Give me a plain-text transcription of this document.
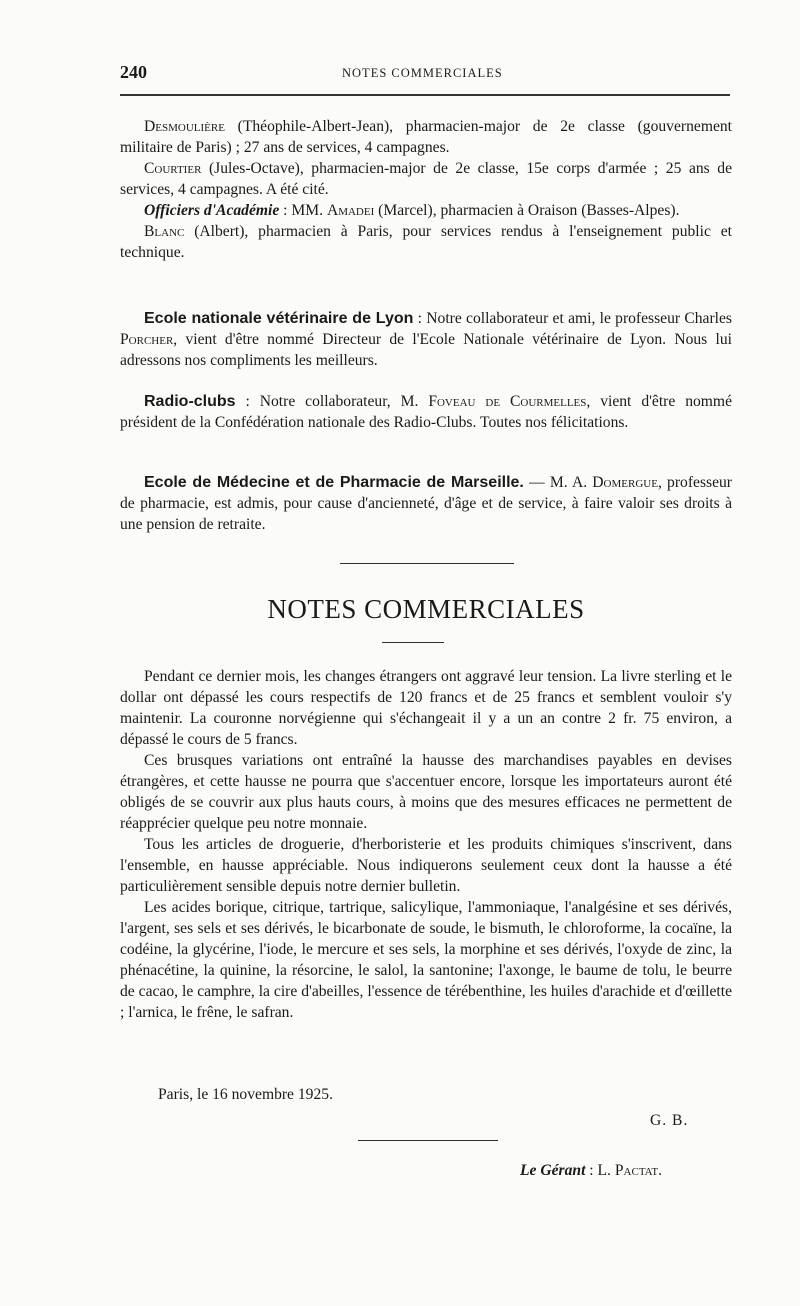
240	NOTES COMMERCIALES

Desmoulière (Théophile-Albert-Jean), pharmacien-major de 2e classe (gouvernement militaire de Paris) ; 27 ans de services, 4 campagnes.

Courtier (Jules-Octave), pharmacien-major de 2e classe, 15e corps d'armée ; 25 ans de services, 4 campagnes. A été cité.

Officiers d'Académie : MM. Amadei (Marcel), pharmacien à Oraison (Basses-Alpes).

Blanc (Albert), pharmacien à Paris, pour services rendus à l'enseignement public et technique.

Ecole nationale vétérinaire de Lyon : Notre collaborateur et ami, le professeur Charles Porcher, vient d'être nommé Directeur de l'Ecole Nationale vétérinaire de Lyon. Nous lui adressons nos compliments les meilleurs.

Radio-clubs : Notre collaborateur, M. Foveau de Courmelles, vient d'être nommé président de la Confédération nationale des Radio-Clubs. Toutes nos félicitations.

Ecole de Médecine et de Pharmacie de Marseille. — M. A. Domergue, professeur de pharmacie, est admis, pour cause d'ancienneté, d'âge et de service, à faire valoir ses droits à une pension de retraite.

NOTES COMMERCIALES

Pendant ce dernier mois, les changes étrangers ont aggravé leur tension. La livre sterling et le dollar ont dépassé les cours respectifs de 120 francs et de 25 francs et semblent vouloir s'y maintenir. La couronne norvégienne qui s'échangeait il y a un an contre 2 fr. 75 environ, a dépassé le cours de 5 francs.

Ces brusques variations ont entraîné la hausse des marchandises payables en devises étrangères, et cette hausse ne pourra que s'accentuer encore, lorsque les importateurs auront été obligés de se couvrir aux plus hauts cours, à moins que des mesures efficaces ne permettent de réapprécier quelque peu notre monnaie.

Tous les articles de droguerie, d'herboristerie et les produits chimiques s'inscrivent, dans l'ensemble, en hausse appréciable. Nous indiquerons seulement ceux dont la hausse a été particulièrement sensible depuis notre dernier bulletin.

Les acides borique, citrique, tartrique, salicylique, l'ammoniaque, l'analgésine et ses dérivés, l'argent, ses sels et ses dérivés, le bicarbonate de soude, le bismuth, le chloroforme, la cocaïne, la codéine, la glycérine, l'iode, le mercure et ses sels, la morphine et ses dérivés, l'oxyde de zinc, la phénacétine, la quinine, la résorcine, le salol, la santonine; l'axonge, le baume de tolu, le beurre de cacao, le camphre, la cire d'abeilles, l'essence de térébenthine, les huiles d'arachide et d'œillette ; l'arnica, le frêne, le safran.

Paris, le 16 novembre 1925.
G. B.
Le Gérant : L. Pactat.
